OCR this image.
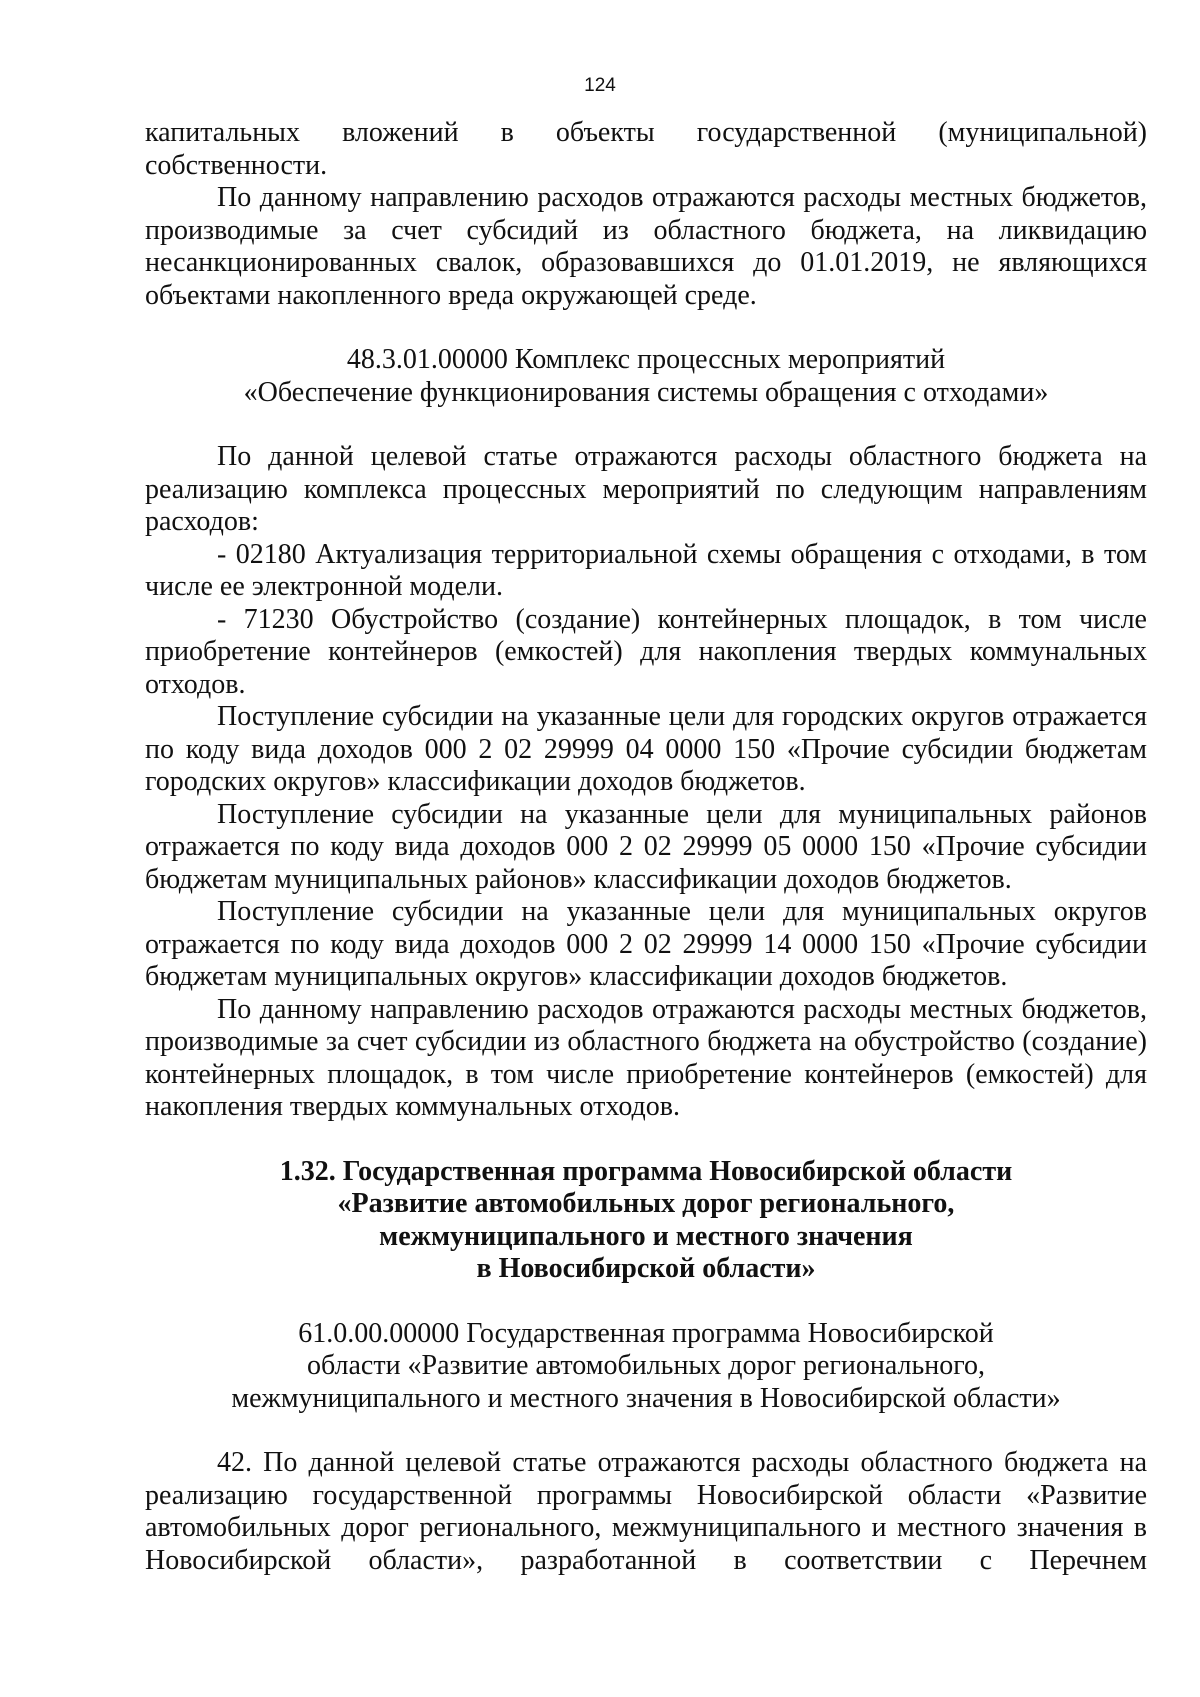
124

капитальных вложений в объекты государственной (муниципальной) собственности.

По данному направлению расходов отражаются расходы местных бюджетов, производимые за счет субсидий из областного бюджета, на ликвидацию несанкционированных свалок, образовавшихся до 01.01.2019, не являющихся объектами накопленного вреда окружающей среде.

48.3.01.00000 Комплекс процессных мероприятий
«Обеспечение функционирования системы обращения с отходами»

По данной целевой статье отражаются расходы областного бюджета на реализацию комплекса процессных мероприятий по следующим направлениям расходов:

- 02180 Актуализация территориальной схемы обращения с отходами, в том числе ее электронной модели.

- 71230 Обустройство (создание) контейнерных площадок, в том числе приобретение контейнеров (емкостей) для накопления твердых коммунальных отходов.

Поступление субсидии на указанные цели для городских округов отражается по коду вида доходов 000 2 02 29999 04 0000 150 «Прочие субсидии бюджетам городских округов» классификации доходов бюджетов.

Поступление субсидии на указанные цели для муниципальных районов отражается по коду вида доходов 000 2 02 29999 05 0000 150 «Прочие субсидии бюджетам муниципальных районов» классификации доходов бюджетов.

Поступление субсидии на указанные цели для муниципальных округов отражается по коду вида доходов 000 2 02 29999 14 0000 150 «Прочие субсидии бюджетам муниципальных округов» классификации доходов бюджетов.

По данному направлению расходов отражаются расходы местных бюджетов, производимые за счет субсидии из областного бюджета на обустройство (создание) контейнерных площадок, в том числе приобретение контейнеров (емкостей) для накопления твердых коммунальных отходов.

1.32. Государственная программа Новосибирской области
«Развитие автомобильных дорог регионального,
межмуниципального и местного значения
в Новосибирской области»
61.0.00.00000 Государственная программа Новосибирской
области «Развитие автомобильных дорог регионального,
межмуниципального и местного значения в Новосибирской области»

42. По данной целевой статье отражаются расходы областного бюджета на реализацию государственной программы Новосибирской области «Развитие автомобильных дорог регионального, межмуниципального и местного значения в Новосибирской области», разработанной в соответствии с Перечнем
